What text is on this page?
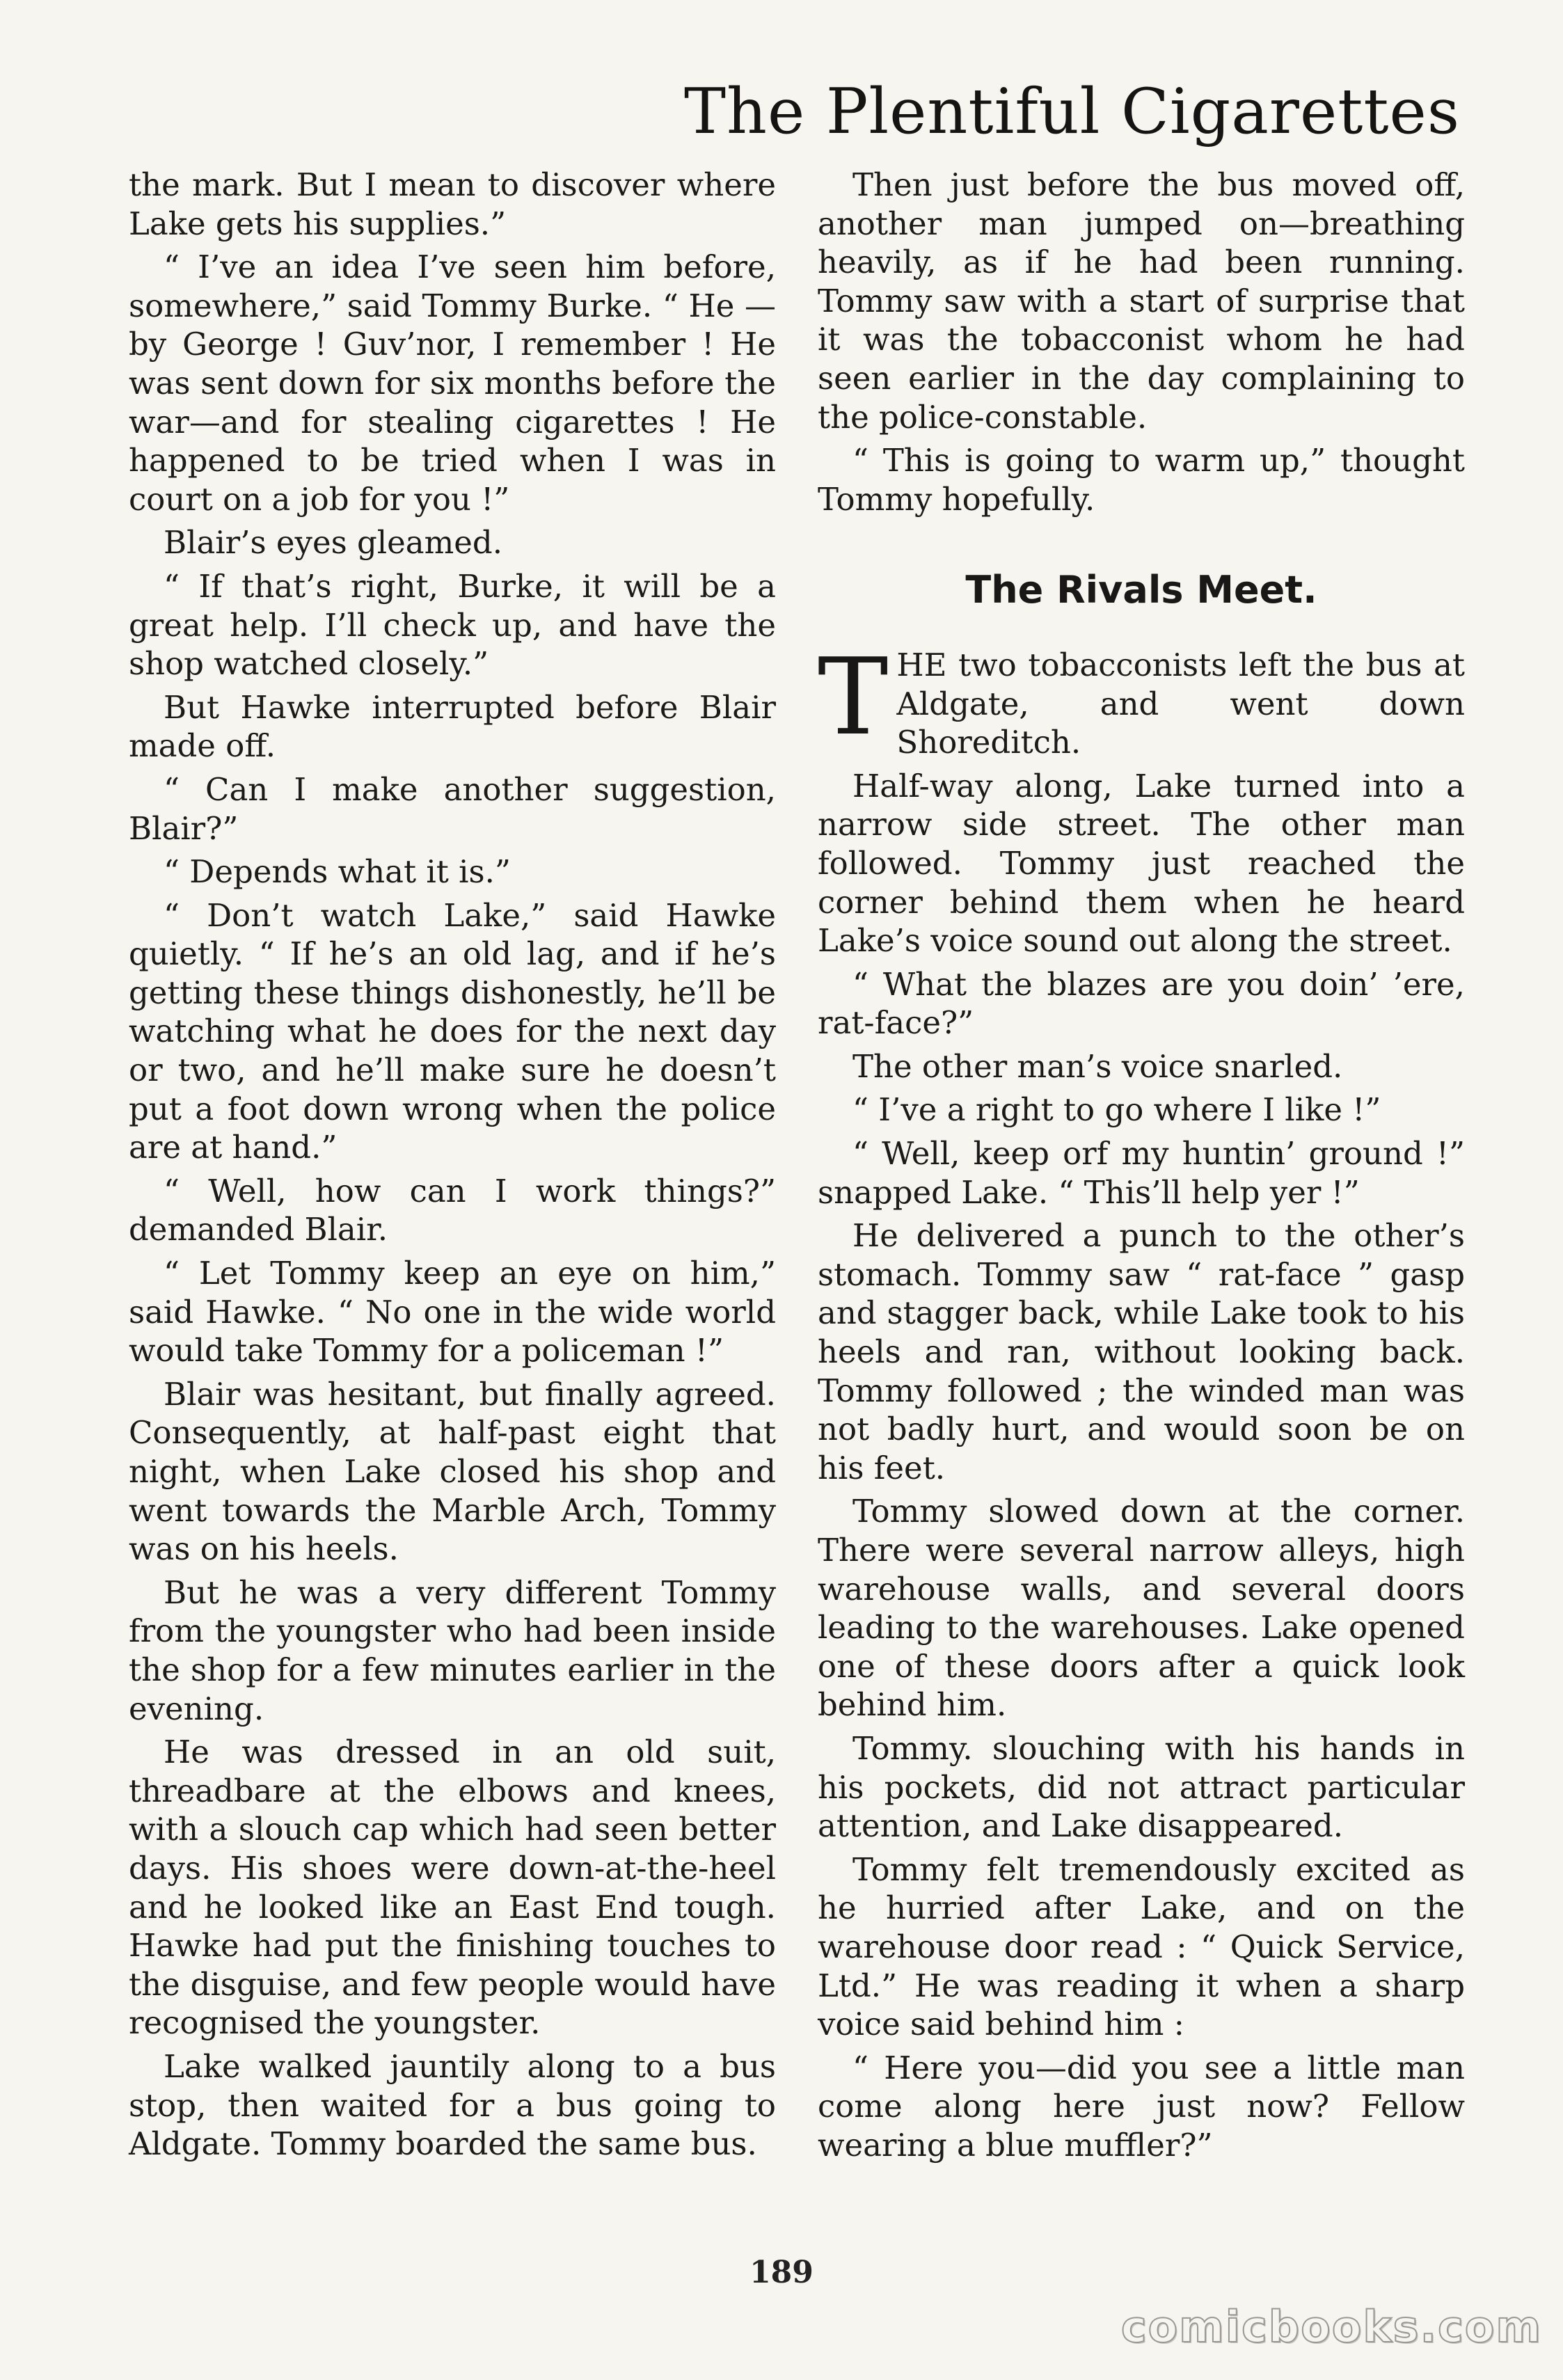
The Plentiful Cigarettes

the mark. But I mean to discover where Lake gets his supplies.”

“ I’ve an idea I’ve seen him before, somewhere,” said Tommy Burke. “ He —by George ! Guv’nor, I remember ! He was sent down for six months before the war—and for stealing cigarettes ! He happened to be tried when I was in court on a job for you !”

Blair’s eyes gleamed.

“ If that’s right, Burke, it will be a great help. I’ll check up, and have the shop watched closely.”

But Hawke interrupted before Blair made off.

“ Can I make another suggestion, Blair?”

“ Depends what it is.”

“ Don’t watch Lake,” said Hawke quietly. “ If he’s an old lag, and if he’s getting these things dishonestly, he’ll be watching what he does for the next day or two, and he’ll make sure he doesn’t put a foot down wrong when the police are at hand.”

“ Well, how can I work things?” demanded Blair.

“ Let Tommy keep an eye on him,” said Hawke. “ No one in the wide world would take Tommy for a policeman !”

Blair was hesitant, but finally agreed. Consequently, at half-past eight that night, when Lake closed his shop and went towards the Marble Arch, Tommy was on his heels.

But he was a very different Tommy from the youngster who had been inside the shop for a few minutes earlier in the evening.

He was dressed in an old suit, threadbare at the elbows and knees, with a slouch cap which had seen better days. His shoes were down-at-the-heel and he looked like an East End tough. Hawke had put the finishing touches to the disguise, and few people would have recognised the youngster.

Lake walked jauntily along to a bus stop, then waited for a bus going to Aldgate. Tommy boarded the same bus.

Then just before the bus moved off, another man jumped on—breathing heavily, as if he had been running. Tommy saw with a start of surprise that it was the tobacconist whom he had seen earlier in the day complaining to the police-constable.

“ This is going to warm up,” thought Tommy hopefully.

The Rivals Meet.

THE two tobacconists left the bus at Aldgate, and went down Shoreditch.

Half-way along, Lake turned into a narrow side street. The other man followed. Tommy just reached the corner behind them when he heard Lake’s voice sound out along the street.

“ What the blazes are you doin’ ’ere, rat-face?”

The other man’s voice snarled.

“ I’ve a right to go where I like !”

“ Well, keep orf my huntin’ ground !” snapped Lake. “ This’ll help yer !”

He delivered a punch to the other’s stomach. Tommy saw “ rat-face ” gasp and stagger back, while Lake took to his heels and ran, without looking back. Tommy followed ; the winded man was not badly hurt, and would soon be on his feet.

Tommy slowed down at the corner. There were several narrow alleys, high warehouse walls, and several doors leading to the warehouses. Lake opened one of these doors after a quick look behind him.

Tommy. slouching with his hands in his pockets, did not attract particular attention, and Lake disappeared.

Tommy felt tremendously excited as he hurried after Lake, and on the warehouse door read : “ Quick Service, Ltd.” He was reading it when a sharp voice said behind him :

“ Here you—did you see a little man come along here just now? Fellow wearing a blue muffler?”

189
comicbooks.com
